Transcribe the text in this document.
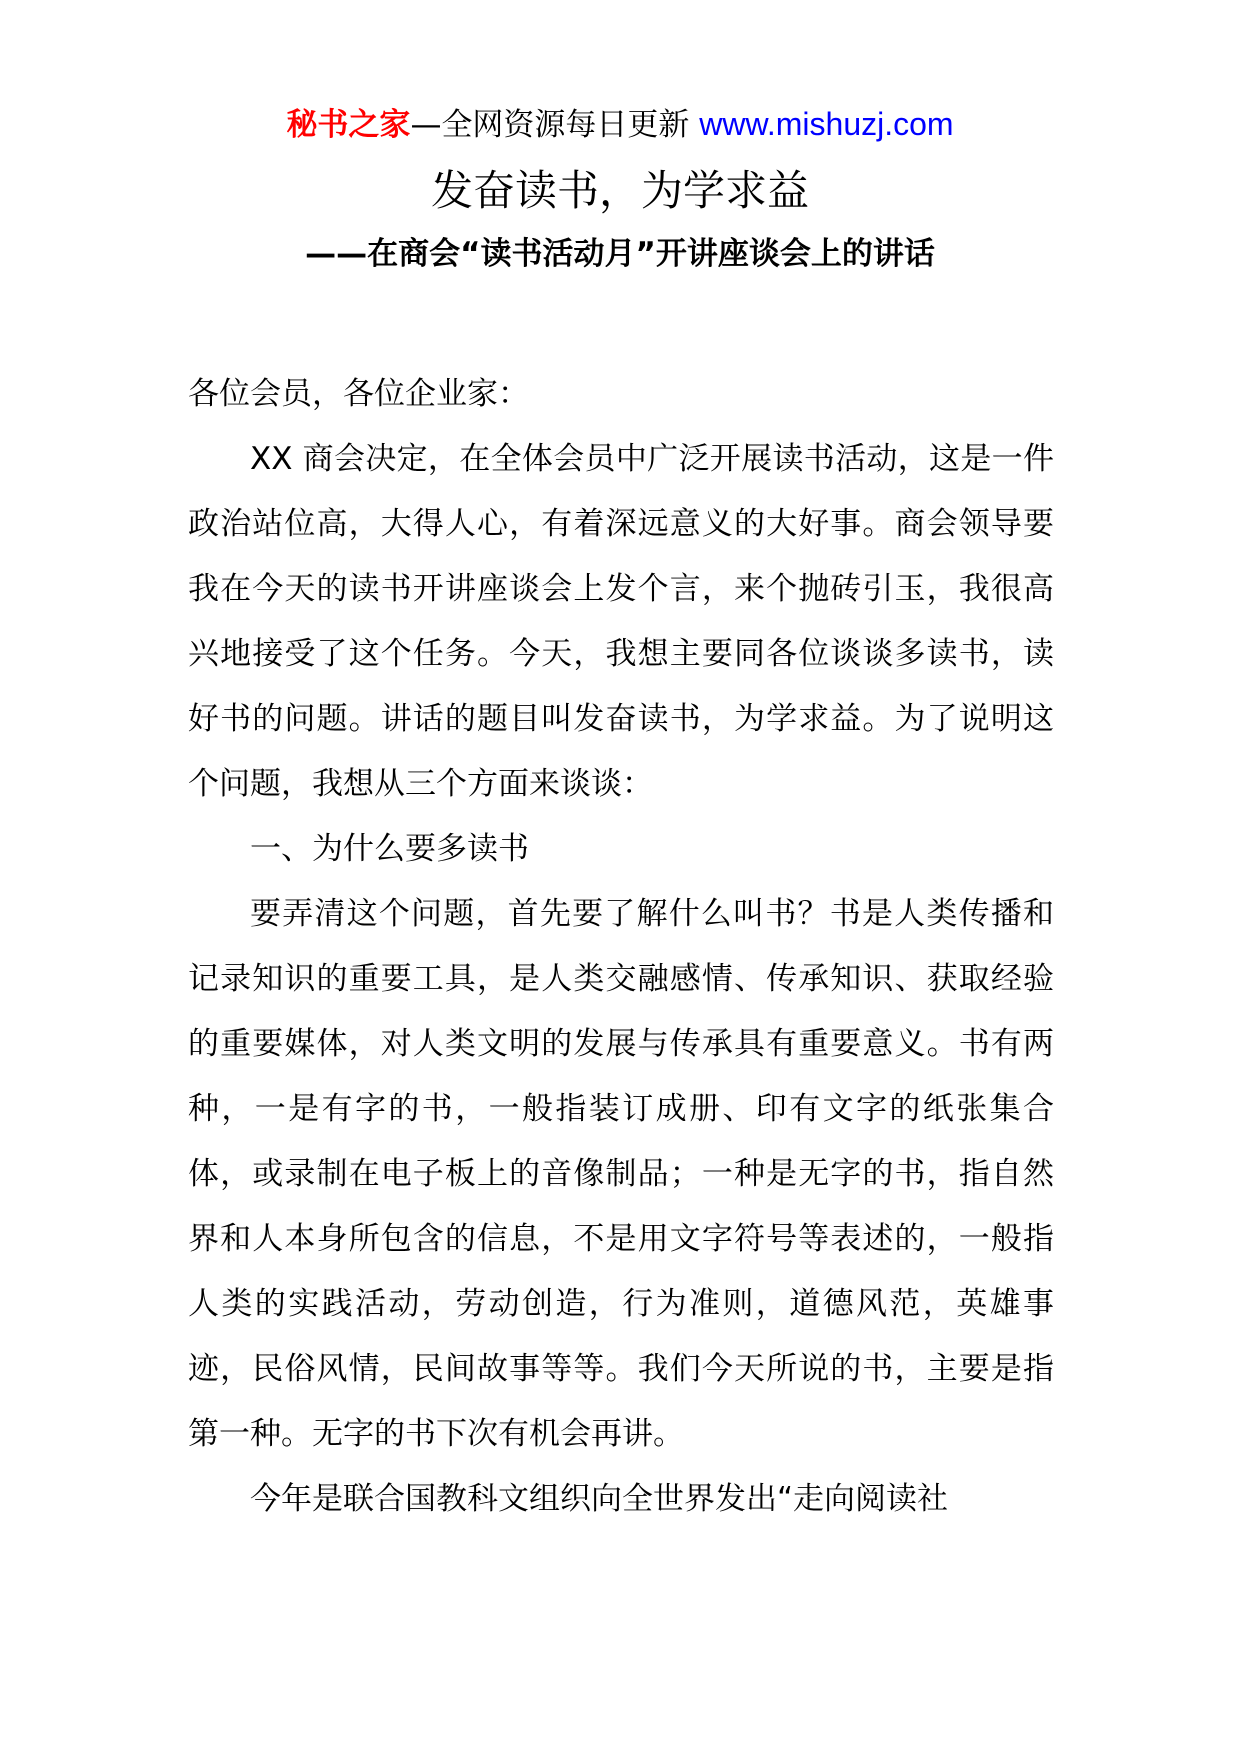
秘书之家—全网资源每日更新 www.mishuzj.com
发奋读书，为学求益
——在商会“读书活动月”开讲座谈会上的讲话

各位会员，各位企业家：

XX 商会决定，在全体会员中广泛开展读书活动，这是一件政治站位高，大得人心，有着深远意义的大好事。商会领导要我在今天的读书开讲座谈会上发个言，来个抛砖引玉，我很高兴地接受了这个任务。今天，我想主要同各位谈谈多读书，读好书的问题。讲话的题目叫发奋读书，为学求益。为了说明这个问题，我想从三个方面来谈谈：

一、为什么要多读书

要弄清这个问题，首先要了解什么叫书？书是人类传播和记录知识的重要工具，是人类交融感情、传承知识、获取经验的重要媒体，对人类文明的发展与传承具有重要意义。书有两种，一是有字的书，一般指装订成册、印有文字的纸张集合体，或录制在电子板上的音像制品；一种是无字的书，指自然界和人本身所包含的信息，不是用文字符号等表述的，一般指人类的实践活动，劳动创造，行为准则，道德风范，英雄事迹，民俗风情，民间故事等等。我们今天所说的书，主要是指第一种。无字的书下次有机会再讲。

今年是联合国教科文组织向全世界发出“走向阅读社
